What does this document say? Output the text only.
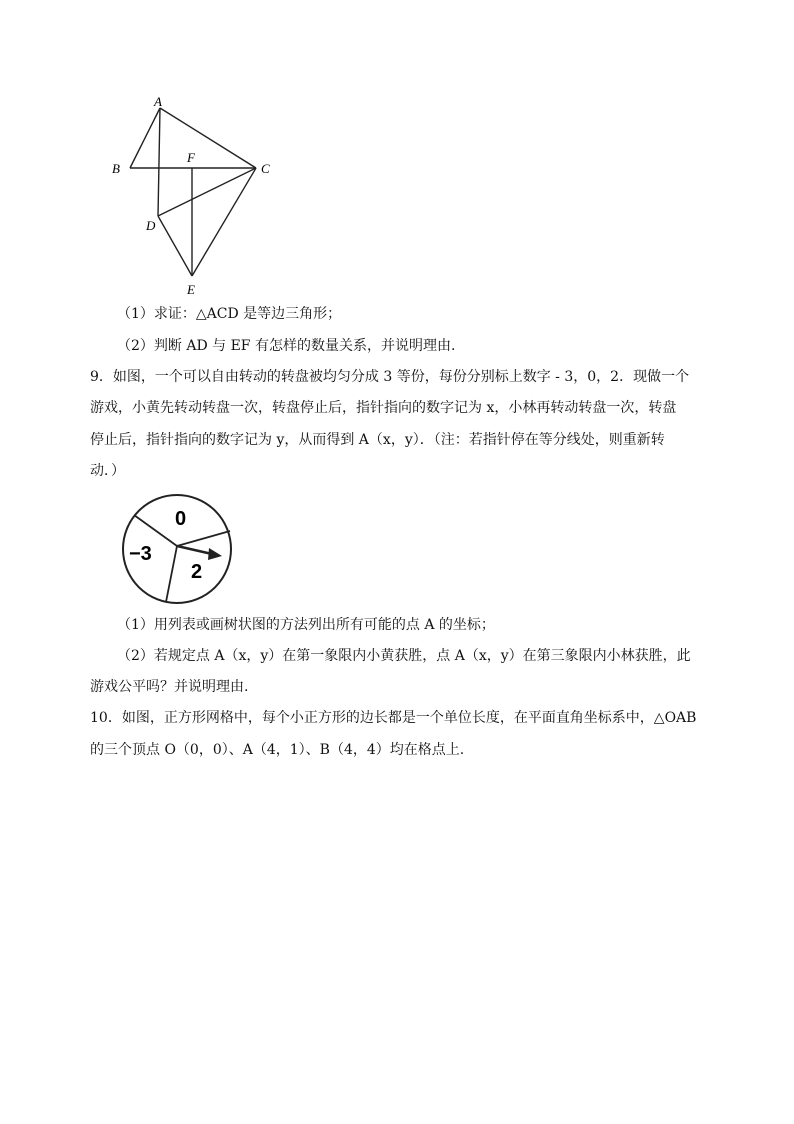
A
B
F
C
D
E
（1）求证：△ACD 是等边三角形；
（2）判断 AD 与 EF 有怎样的数量关系，并说明理由.
9．如图，一个可以自由转动的转盘被均匀分成 3 等份，每份分别标上数字 - 3，0，2．现做一个
游戏，小黄先转动转盘一次，转盘停止后，指针指向的数字记为 x，小林再转动转盘一次，转盘
停止后，指针指向的数字记为 y，从而得到 A（x，y）．（注：若指针停在等分线处，则重新转
动．）
0
−3
2
（1）用列表或画树状图的方法列出所有可能的点 A 的坐标；
（2）若规定点 A（x，y）在第一象限内小黄获胜，点 A（x，y）在第三象限内小林获胜，此
游戏公平吗？并说明理由.
10．如图，正方形网格中，每个小正方形的边长都是一个单位长度，在平面直角坐标系中，△OAB
的三个顶点 O（0，0）、A（4，1）、B（4，4）均在格点上.
